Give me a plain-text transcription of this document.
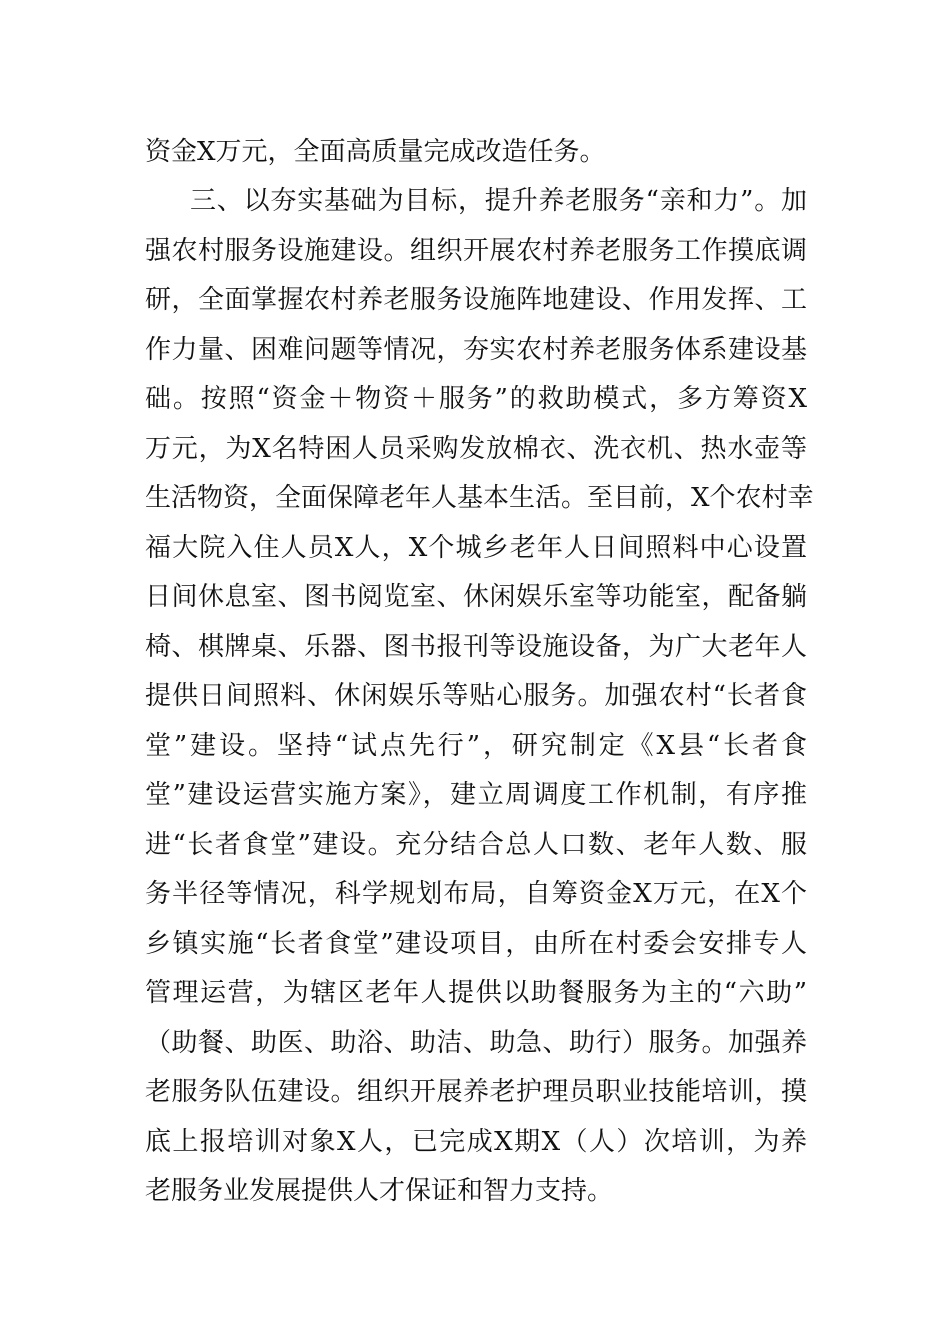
资金X万元，全面高质量完成改造任务。
三、以夯实基础为目标，提升养老服务“亲和力”。加
强农村服务设施建设。组织开展农村养老服务工作摸底调
研，全面掌握农村养老服务设施阵地建设、作用发挥、工
作力量、困难问题等情况，夯实农村养老服务体系建设基
础。按照“资金＋物资＋服务”的救助模式，多方筹资X
万元，为X名特困人员采购发放棉衣、洗衣机、热水壶等
生活物资，全面保障老年人基本生活。至目前，X个农村幸
福大院入住人员X人，X个城乡老年人日间照料中心设置
日间休息室、图书阅览室、休闲娱乐室等功能室，配备躺
椅、棋牌桌、乐器、图书报刊等设施设备，为广大老年人
提供日间照料、休闲娱乐等贴心服务。加强农村“长者食
堂”建设。坚持“试点先行”，研究制定《X县“长者食
堂”建设运营实施方案》，建立周调度工作机制，有序推
进“长者食堂”建设。充分结合总人口数、老年人数、服
务半径等情况，科学规划布局，自筹资金X万元，在X个
乡镇实施“长者食堂”建设项目，由所在村委会安排专人
管理运营，为辖区老年人提供以助餐服务为主的“六助”
（助餐、助医、助浴、助洁、助急、助行）服务。加强养
老服务队伍建设。组织开展养老护理员职业技能培训，摸
底上报培训对象X人，已完成X期X（人）次培训，为养
老服务业发展提供人才保证和智力支持。
